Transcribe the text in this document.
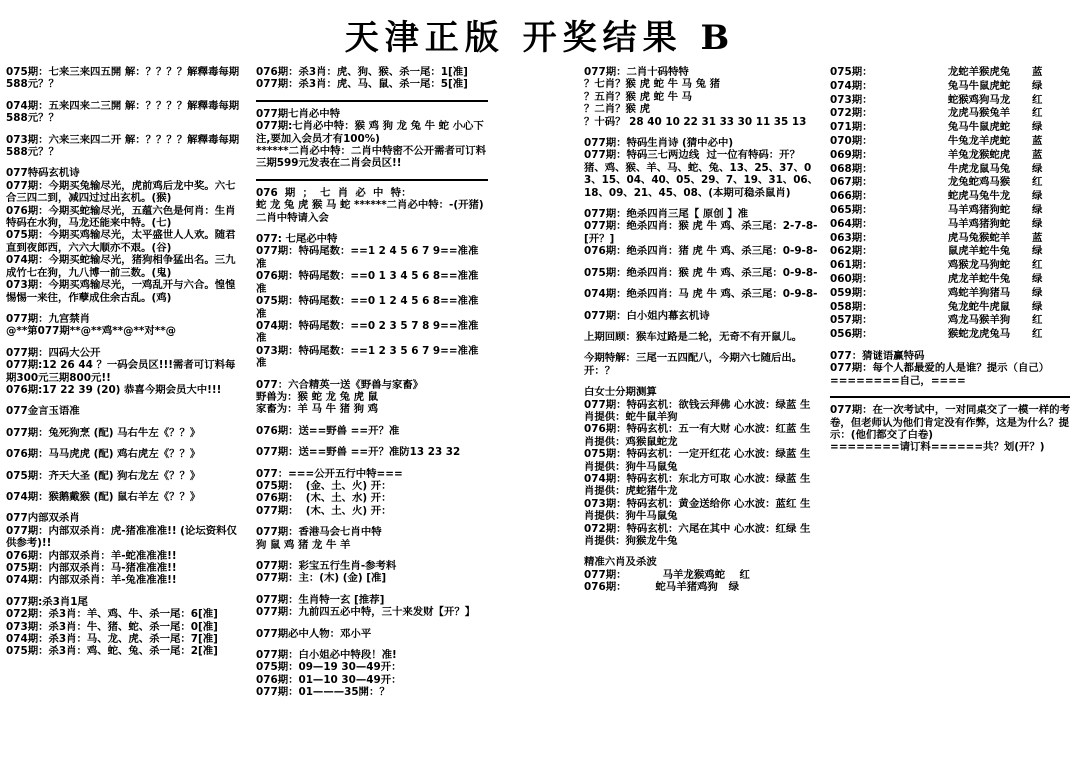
天津正版 开奖结果 B
075期：七来三来四五開 解：？？？？解釋毒每期588元？？
074期：五来四来二三開 解：？？？？解釋毒每期588元？？
073期：六来三来四二开 解：？？？？解釋毒每期588元？？
077特码玄机诗
077期：今期买兔输尽光，虎前鸡后龙中奖。六七合三四二到，减四过过出玄机。(猴)
076期：今期买蛇输尽光，五蕴六色是何肖：生肖特码在水狗，马龙还能来中特。(七)
075期：今期买鸡输尽光，太平盛世人人欢。随君直到夜郎西，六六大顺亦不艰。(谷)
074期：今期买蛇输尽光，猪狗相争猛出名。三九成竹七在狗，九八博一前三数。(鬼)
073期：今期买鸡输尽光，一鸡乱开与六合。惶惶惕惕一来往，作孽成住余古乱。(鸡)
077期：九宫禁肖
@**第077期**@**鸡**@**对**@
077期：四码大公开
077期:12 26 44 ？一码会员区!!!需者可订料每期300元三期800元!!
076期:17 22 39 (20) 恭喜今期会员大中!!!
077金言玉语准
077期：兔死狗烹 (配) 马右牛左《？？》
076期：马马虎虎 (配) 鸡右虎左《？？》
075期：齐天大圣 (配) 狗右龙左《？？》
074期：猴鹅戴猴 (配) 鼠右羊左《？？》
077内部双杀肖
077期：内部双杀肖：虎-猪准准准!! (论坛资料仅供参考)!!
076期：内部双杀肖：羊-蛇准准准!!
075期：内部双杀肖：马-猪准准准!!
074期：内部双杀肖：羊-兔准准准!!
077期:杀3肖1尾
072期：杀3肖：羊、鸡、牛、杀一尾：6[准]
073期：杀3肖：牛、猪、蛇、杀一尾：0[准]
074期：杀3肖：马、龙、虎、杀一尾：7[准]
075期：杀3肖：鸡、蛇、兔、杀一尾：2[准]
076期：杀3肖：虎、狗、猴、杀一尾：1[准]
077期：杀3肖：虎、马、鼠、杀一尾：5[准]
077期七肖必中特
077期:七肖必中特：猴 鸡 狗 龙 兔 牛 蛇 小心下注,要加入会员才有100%)
******二肖必中特：二肖中特密不公开需者可订料三期599元发表在二肖会员区!!
076  期  ；  七  肖  必  中  特：
蛇 龙 兔 虎 猴 马 蛇 ******二肖必中特：-(开猪) 二肖中特请入会
077: 七尾必中特
077期：特码尾数：==1 2 4 5 6 7 9==准准准
076期：特码尾数：==0 1 3 4 5 6 8==准准准
075期：特码尾数：==0 1 2 4 5 6 8==准准准
074期：特码尾数：==0 2 3 5 7 8 9==准准准
073期：特码尾数：==1 2 3 5 6 7 9==准准准
077：六合精英一送《野兽与家畜》
野兽为：猴 蛇 龙 兔 虎 鼠
家畜为：羊 马 牛 猪 狗 鸡
076期：送==野兽 ==开？准
077期：送==野兽 ==开？准防13 23 32
077：===公开五行中特===
075期：  (金、土、火) 开：
076期：  (木、土、水) 开：
077期：  (木、土、火) 开：
077期：香港马会七肖中特
狗 鼠 鸡 猪 龙 牛 羊
077期：彩宝五行生肖-参考料
077期：主：(木) (金) [准]
077期：生肖特一玄 [推荐]
077期：九前四五必中特，三十来发财【开？】
077期必中人物：邓小平
077期：白小姐必中特段！准!
075期：09—19 30—49开：
076期：01—10 30—49开：
077期：01———35開：？
077期：二肖十码特特
？七肖？猴 虎 蛇 牛 马 兔 猪
？五肖？猴 虎 蛇 牛 马
？二肖？猴 虎
？十码？ 28 40 10 22 31 33 30 11 35 13
077期：特码生肖诗 (猜中必中)
077期：特码三七两边线  过一位有特码：开？猪、鸡、猴、羊、马、蛇、兔、13、25、37、03、15、04、40、05、29、7、19、31、06、18、09、21、45、08、(本期可稳杀鼠肖)
077期：绝杀四肖三尾【 原创 】准
077期：绝杀四肖：猴 虎 牛 鸡、杀三尾：2-7-8-[开？]
076期：绝杀四肖：猪 虎 牛 鸡、杀三尾：0-9-8-
075期：绝杀四肖：猴 虎 牛 鸡、杀三尾：0-9-8-
074期：绝杀四肖：马 虎 牛 鸡、杀三尾：0-9-8-
077期：白小姐内幕玄机诗
上期回顾：猴车过路是二轮，无奇不有开鼠儿。
今期特解：三尾一五四配八，今期六七随后出。开：？
白女士分期测算
077期：特码玄机：欲钱云拜佛 心水波：绿蓝 生肖提供：蛇牛鼠羊狗
076期：特码玄机：五一有大财 心水波：红蓝 生肖提供：鸡猴鼠蛇龙
075期：特码玄机：一定开红花 心水波：绿蓝 生肖提供：狗牛马鼠兔
074期：特码玄机：东北方可取 心水波：绿蓝 生肖提供：虎蛇猪牛龙
073期：特码玄机：黄金送给你 心水波：蓝红 生肖提供：狗牛马鼠兔
072期：特码玄机：六尾在其中 心水波：红绿 生肖提供：狗猴龙牛兔
精准六肖及杀波
077期：          马羊龙猴鸡蛇    红
076期：        蛇马羊猪鸡狗   绿
075期：	龙蛇羊猴虎兔	蓝
074期：	兔马牛鼠虎蛇	绿
073期：	蛇猴鸡狗马龙	红
072期：	龙虎马猴兔羊	红
071期：	兔马牛鼠虎蛇	绿
070期：	牛兔龙羊虎蛇	蓝
069期：	羊兔龙猴蛇虎	蓝
068期：	牛虎龙鼠马兔	绿
067期：	龙兔蛇鸡马猴	红
066期：	蛇虎马兔牛龙	绿
065期：	马羊鸡猪狗蛇	绿
064期：	马羊鸡猪狗蛇	绿
063期：	虎马兔猴蛇羊	蓝
062期：	鼠虎羊蛇牛兔	绿
061期：	鸡猴龙马狗蛇	红
060期：	虎龙羊蛇牛兔	绿
059期：	鸡蛇羊狗猪马	绿
058期：	兔龙蛇牛虎鼠	绿
057期：	鸡龙马猴羊狗	红
056期：	猴蛇龙虎兔马	红
077：猜谜语赢特码
077期：每个人都最爱的人是谁？提示（自己）
========自己，====
077期：在一次考试中，一对同桌交了一模一样的考卷，但老师认为他们肯定没有作弊，这是为什么？提 示：(他们都交了白卷)
========请订料======共？划(开？)
